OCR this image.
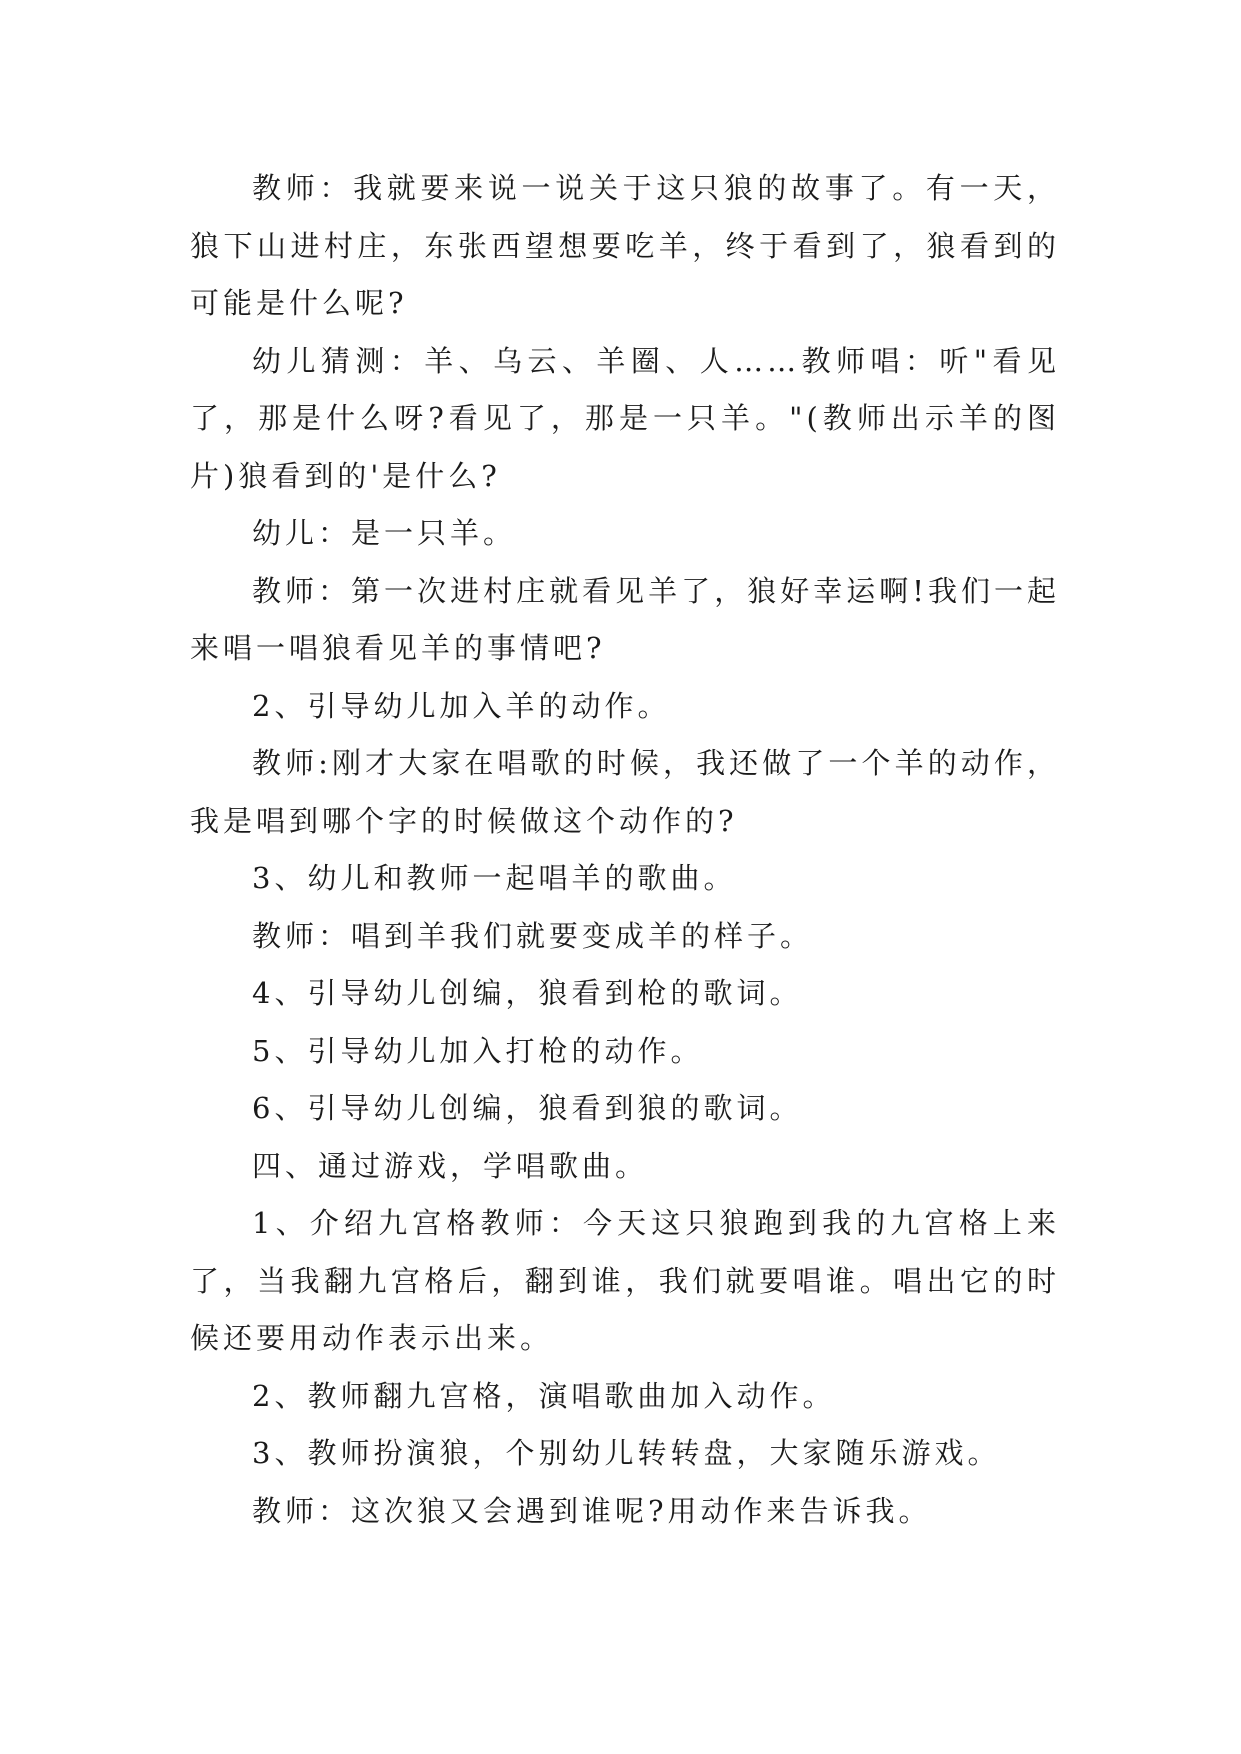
教师：我就要来说一说关于这只狼的故事了。有一天，狼下山进村庄，东张西望想要吃羊，终于看到了，狼看到的可能是什么呢?

幼儿猜测：羊、乌云、羊圈、人……教师唱：听"看见了，那是什么呀?看见了，那是一只羊。"(教师出示羊的图片)狼看到的'是什么?

幼儿：是一只羊。

教师：第一次进村庄就看见羊了，狼好幸运啊!我们一起来唱一唱狼看见羊的事情吧?

2、引导幼儿加入羊的动作。

教师:刚才大家在唱歌的时候，我还做了一个羊的动作，我是唱到哪个字的时候做这个动作的?

3、幼儿和教师一起唱羊的歌曲。

教师：唱到羊我们就要变成羊的样子。

4、引导幼儿创编，狼看到枪的歌词。

5、引导幼儿加入打枪的动作。

6、引导幼儿创编，狼看到狼的歌词。

四、通过游戏，学唱歌曲。

1、介绍九宫格教师：今天这只狼跑到我的九宫格上来了，当我翻九宫格后，翻到谁，我们就要唱谁。唱出它的时候还要用动作表示出来。

2、教师翻九宫格，演唱歌曲加入动作。

3、教师扮演狼，个别幼儿转转盘，大家随乐游戏。

教师：这次狼又会遇到谁呢?用动作来告诉我。
